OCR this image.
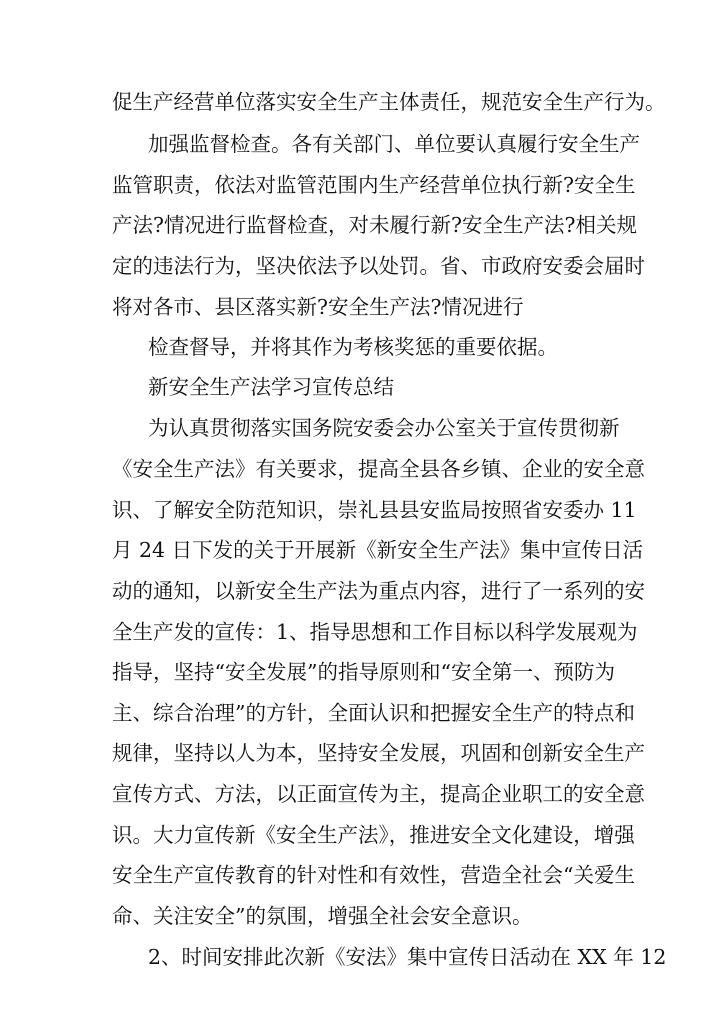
促生产经营单位落实安全生产主体责任，规范安全生产行为。
加强监督检查。各有关部门、单位要认真履行安全生产
监管职责，依法对监管范围内生产经营单位执行新?安全生
产法?情况进行监督检查，对未履行新?安全生产法?相关规
定的违法行为，坚决依法予以处罚。省、市政府安委会届时
将对各市、县区落实新?安全生产法?情况进行
检查督导，并将其作为考核奖惩的重要依据。
新安全生产法学习宣传总结
为认真贯彻落实国务院安委会办公室关于宣传贯彻新
《安全生产法》有关要求，提高全县各乡镇、企业的安全意
识、了解安全防范知识，崇礼县县安监局按照省安委办 11
月 24 日下发的关于开展新《新安全生产法》集中宣传日活
动的通知，以新安全生产法为重点内容，进行了一系列的安
全生产发的宣传：1、指导思想和工作目标以科学发展观为
指导，坚持“安全发展”的指导原则和“安全第一、预防为
主、综合治理”的方针，全面认识和把握安全生产的特点和
规律，坚持以人为本，坚持安全发展，巩固和创新安全生产
宣传方式、方法，以正面宣传为主，提高企业职工的安全意
识。大力宣传新《安全生产法》，推进安全文化建设，增强
安全生产宣传教育的针对性和有效性，营造全社会“关爱生
命、关注安全”的氛围，增强全社会安全意识。
2、时间安排此次新《安法》集中宣传日活动在 XX 年 12
